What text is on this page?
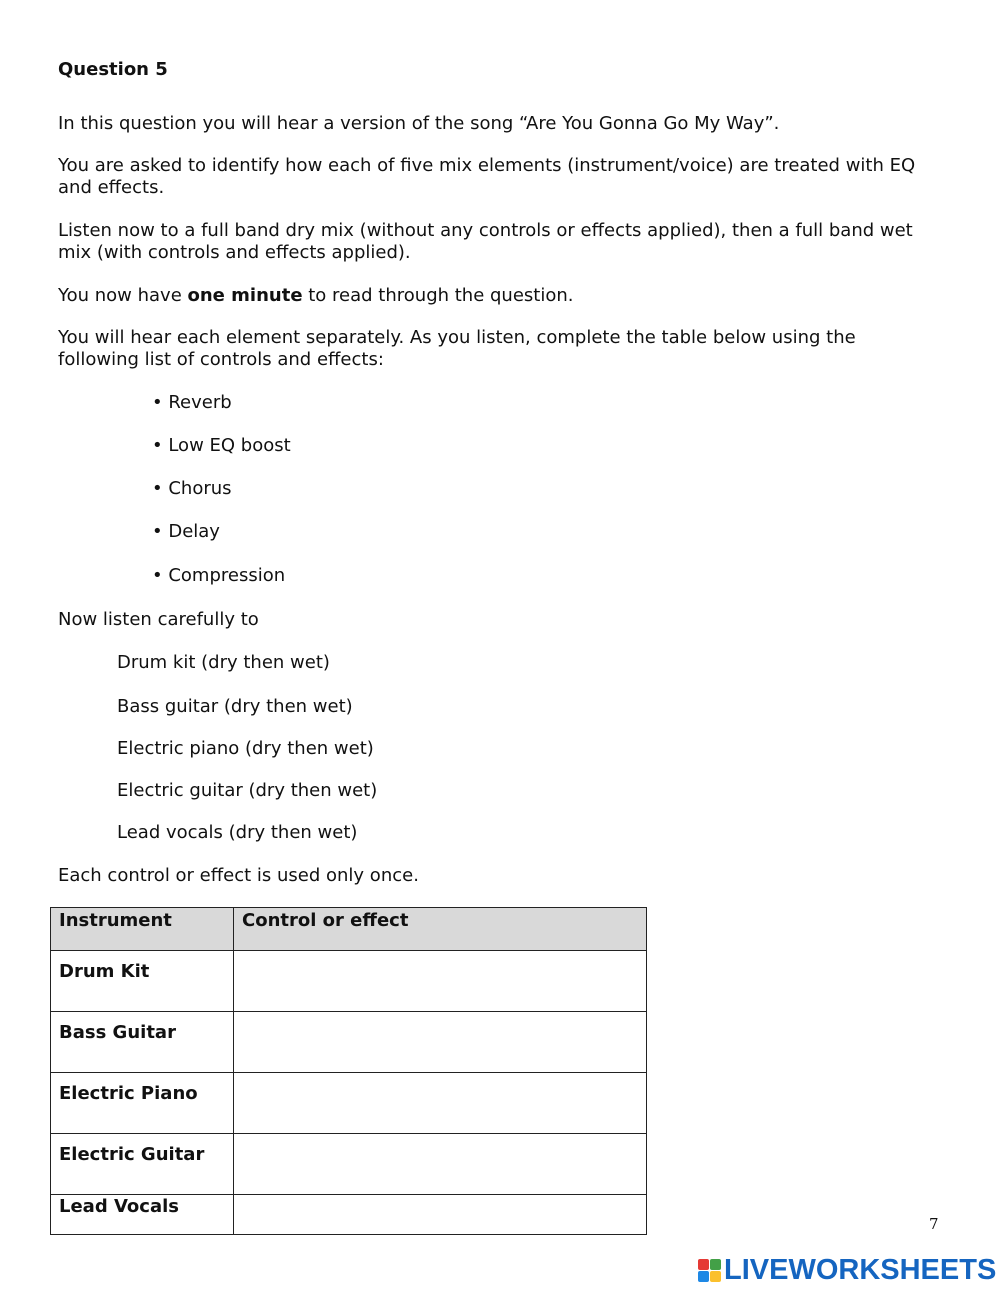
Question 5
In this question you will hear a version of the song “Are You Gonna Go My Way”.
You are asked to identify how each of five mix elements (instrument/voice) are treated with EQ and effects.
Listen now to a full band dry mix (without any controls or effects applied), then a full band wet mix (with controls and effects applied).
You now have one minute to read through the question.
You will hear each element separately. As you listen, complete the table below using the following list of controls and effects:
• Reverb
• Low EQ boost
• Chorus
• Delay
• Compression
Now listen carefully to
Drum kit (dry then wet)
Bass guitar (dry then wet)
Electric piano (dry then wet)
Electric guitar (dry then wet)
Lead vocals (dry then wet)
Each control or effect is used only once.
Instrument	Control or effect
Drum Kit	
Bass Guitar	
Electric Piano	
Electric Guitar	
Lead Vocals	
7
LIVEWORKSHEETS
